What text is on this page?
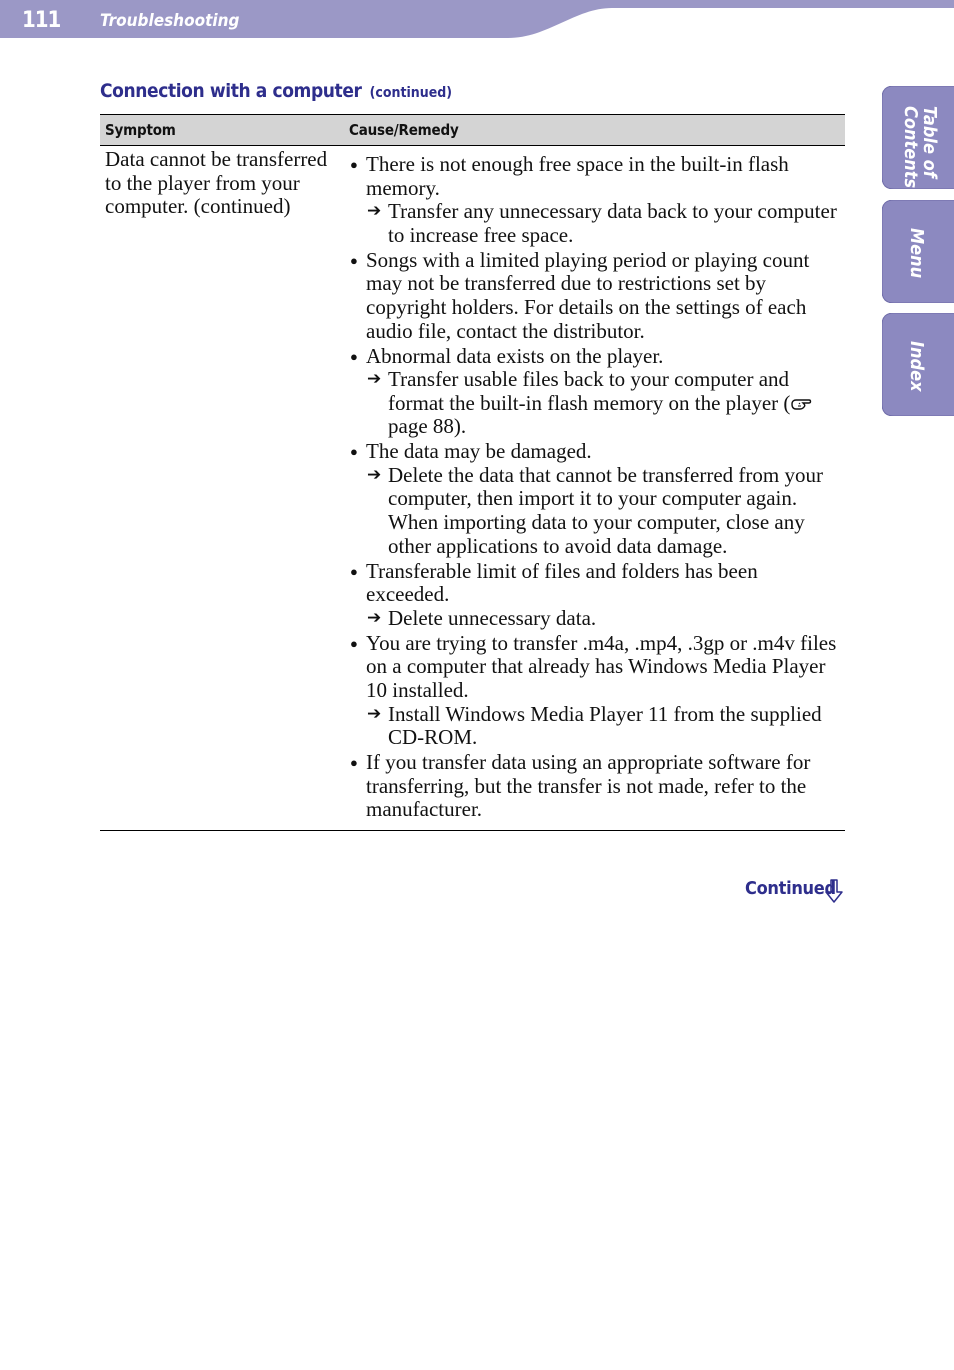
111 Troubleshooting
Connection with a computer (continued)
Symptom	Cause/Remedy
Data cannot be transferred to the player from your computer. (continued)
● There is not enough free space in the built-in flash memory.
➔ Transfer any unnecessary data back to your computer to increase free space.
● Songs with a limited playing period or playing count may not be transferred due to restrictions set by copyright holders. For details on the settings of each audio file, contact the distributor.
● Abnormal data exists on the player.
➔ Transfer usable files back to your computer and format the built-in flash memory on the player ( page 88).
● The data may be damaged.
➔ Delete the data that cannot be transferred from your computer, then import it to your computer again. When importing data to your computer, close any other applications to avoid data damage.
● Transferable limit of files and folders has been exceeded.
➔ Delete unnecessary data.
● You are trying to transfer .m4a, .mp4, .3gp or .m4v files on a computer that already has Windows Media Player 10 installed.
➔ Install Windows Media Player 11 from the supplied CD-ROM.
● If you transfer data using an appropriate software for transferring, but the transfer is not made, refer to the manufacturer.
Continued
Table of
Contents
Menu
Index
